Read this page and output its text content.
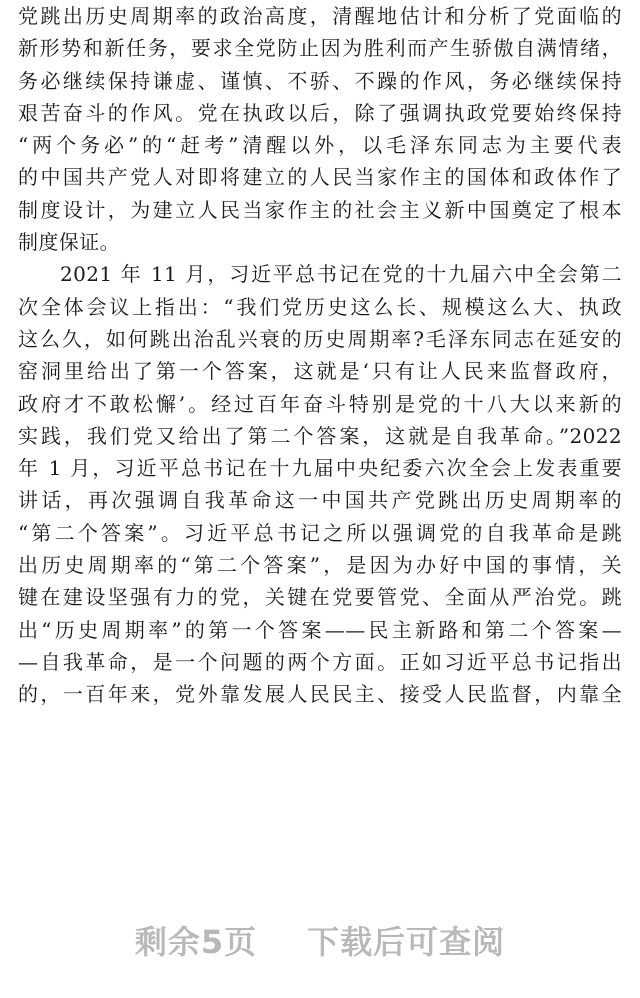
党跳出历史周期率的政治高度，清醒地估计和分析了党面临的
新形势和新任务，要求全党防止因为胜利而产生骄傲自满情绪，
务必继续保持谦虚、谨慎、不骄、不躁的作风，务必继续保持
艰苦奋斗的作风。党在执政以后，除了强调执政党要始终保持
“两个务必”的“赶考”清醒以外，以毛泽东同志为主要代表
的中国共产党人对即将建立的人民当家作主的国体和政体作了
制度设计，为建立人民当家作主的社会主义新中国奠定了根本
制度保证。
2021 年 11 月，习近平总书记在党的十九届六中全会第二
次全体会议上指出：“我们党历史这么长、规模这么大、执政
这么久，如何跳出治乱兴衰的历史周期率?毛泽东同志在延安的
窑洞里给出了第一个答案，这就是‘只有让人民来监督政府，
政府才不敢松懈’。经过百年奋斗特别是党的十八大以来新的
实践，我们党又给出了第二个答案，这就是自我革命。”2022
年 1 月，习近平总书记在十九届中央纪委六次全会上发表重要
讲话，再次强调自我革命这一中国共产党跳出历史周期率的
“第二个答案”。习近平总书记之所以强调党的自我革命是跳
出历史周期率的“第二个答案”，是因为办好中国的事情，关
键在建设坚强有力的党，关键在党要管党、全面从严治党。跳
出“历史周期率”的第一个答案——民主新路和第二个答案—
—自我革命，是一个问题的两个方面。正如习近平总书记指出
的，一百年来，党外靠发展人民民主、接受人民监督，内靠全
剩余5页 下载后可查阅
